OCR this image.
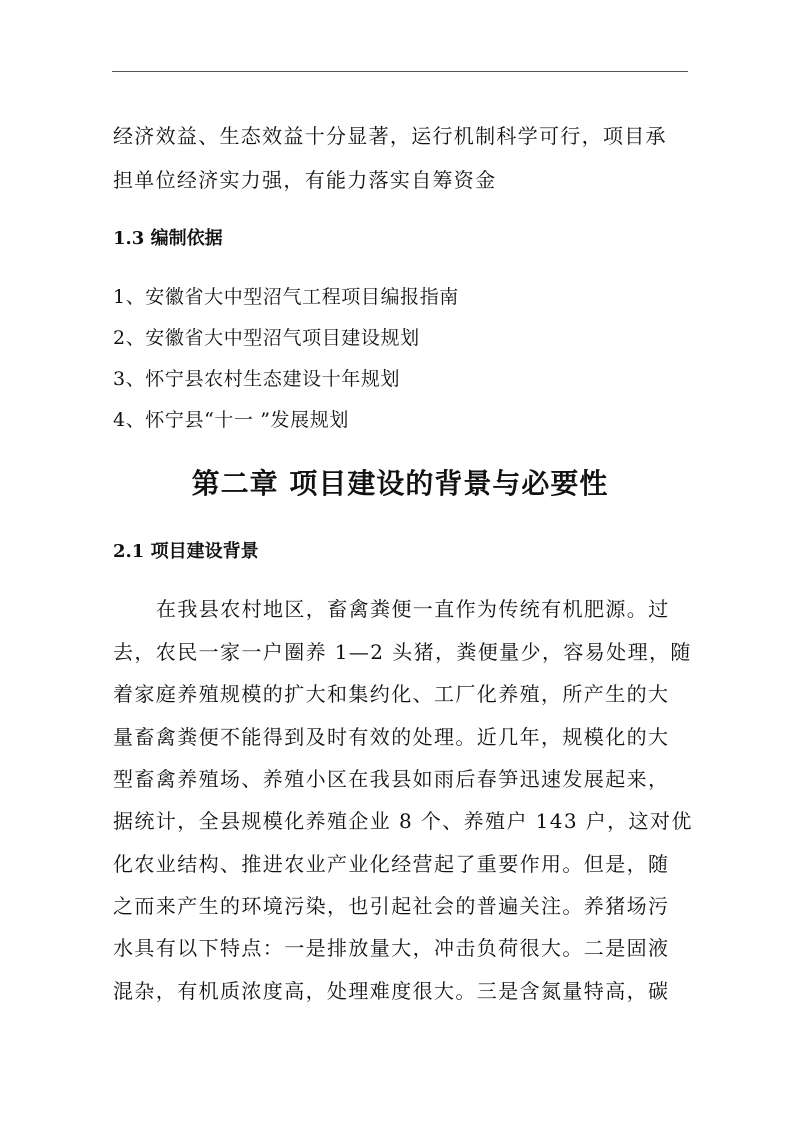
经济效益、生态效益十分显著，运行机制科学可行，项目承
担单位经济实力强，有能力落实自筹资金
1.3 编制依据
1、安徽省大中型沼气工程项目编报指南
2、安徽省大中型沼气项目建设规划
3、怀宁县农村生态建设十年规划
4、怀宁县“十一 ”发展规划
第二章 项目建设的背景与必要性
2.1 项目建设背景
在我县农村地区，畜禽粪便一直作为传统有机肥源。过
去，农民一家一户圈养 1—2 头猪，粪便量少，容易处理，随
着家庭养殖规模的扩大和集约化、工厂化养殖，所产生的大
量畜禽粪便不能得到及时有效的处理。近几年，规模化的大
型畜禽养殖场、养殖小区在我县如雨后春笋迅速发展起来，
据统计，全县规模化养殖企业 8 个、养殖户 143 户，这对优
化农业结构、推进农业产业化经营起了重要作用。但是，随
之而来产生的环境污染，也引起社会的普遍关注。养猪场污
水具有以下特点：一是排放量大，冲击负荷很大。二是固液
混杂，有机质浓度高，处理难度很大。三是含氮量特高，碳
